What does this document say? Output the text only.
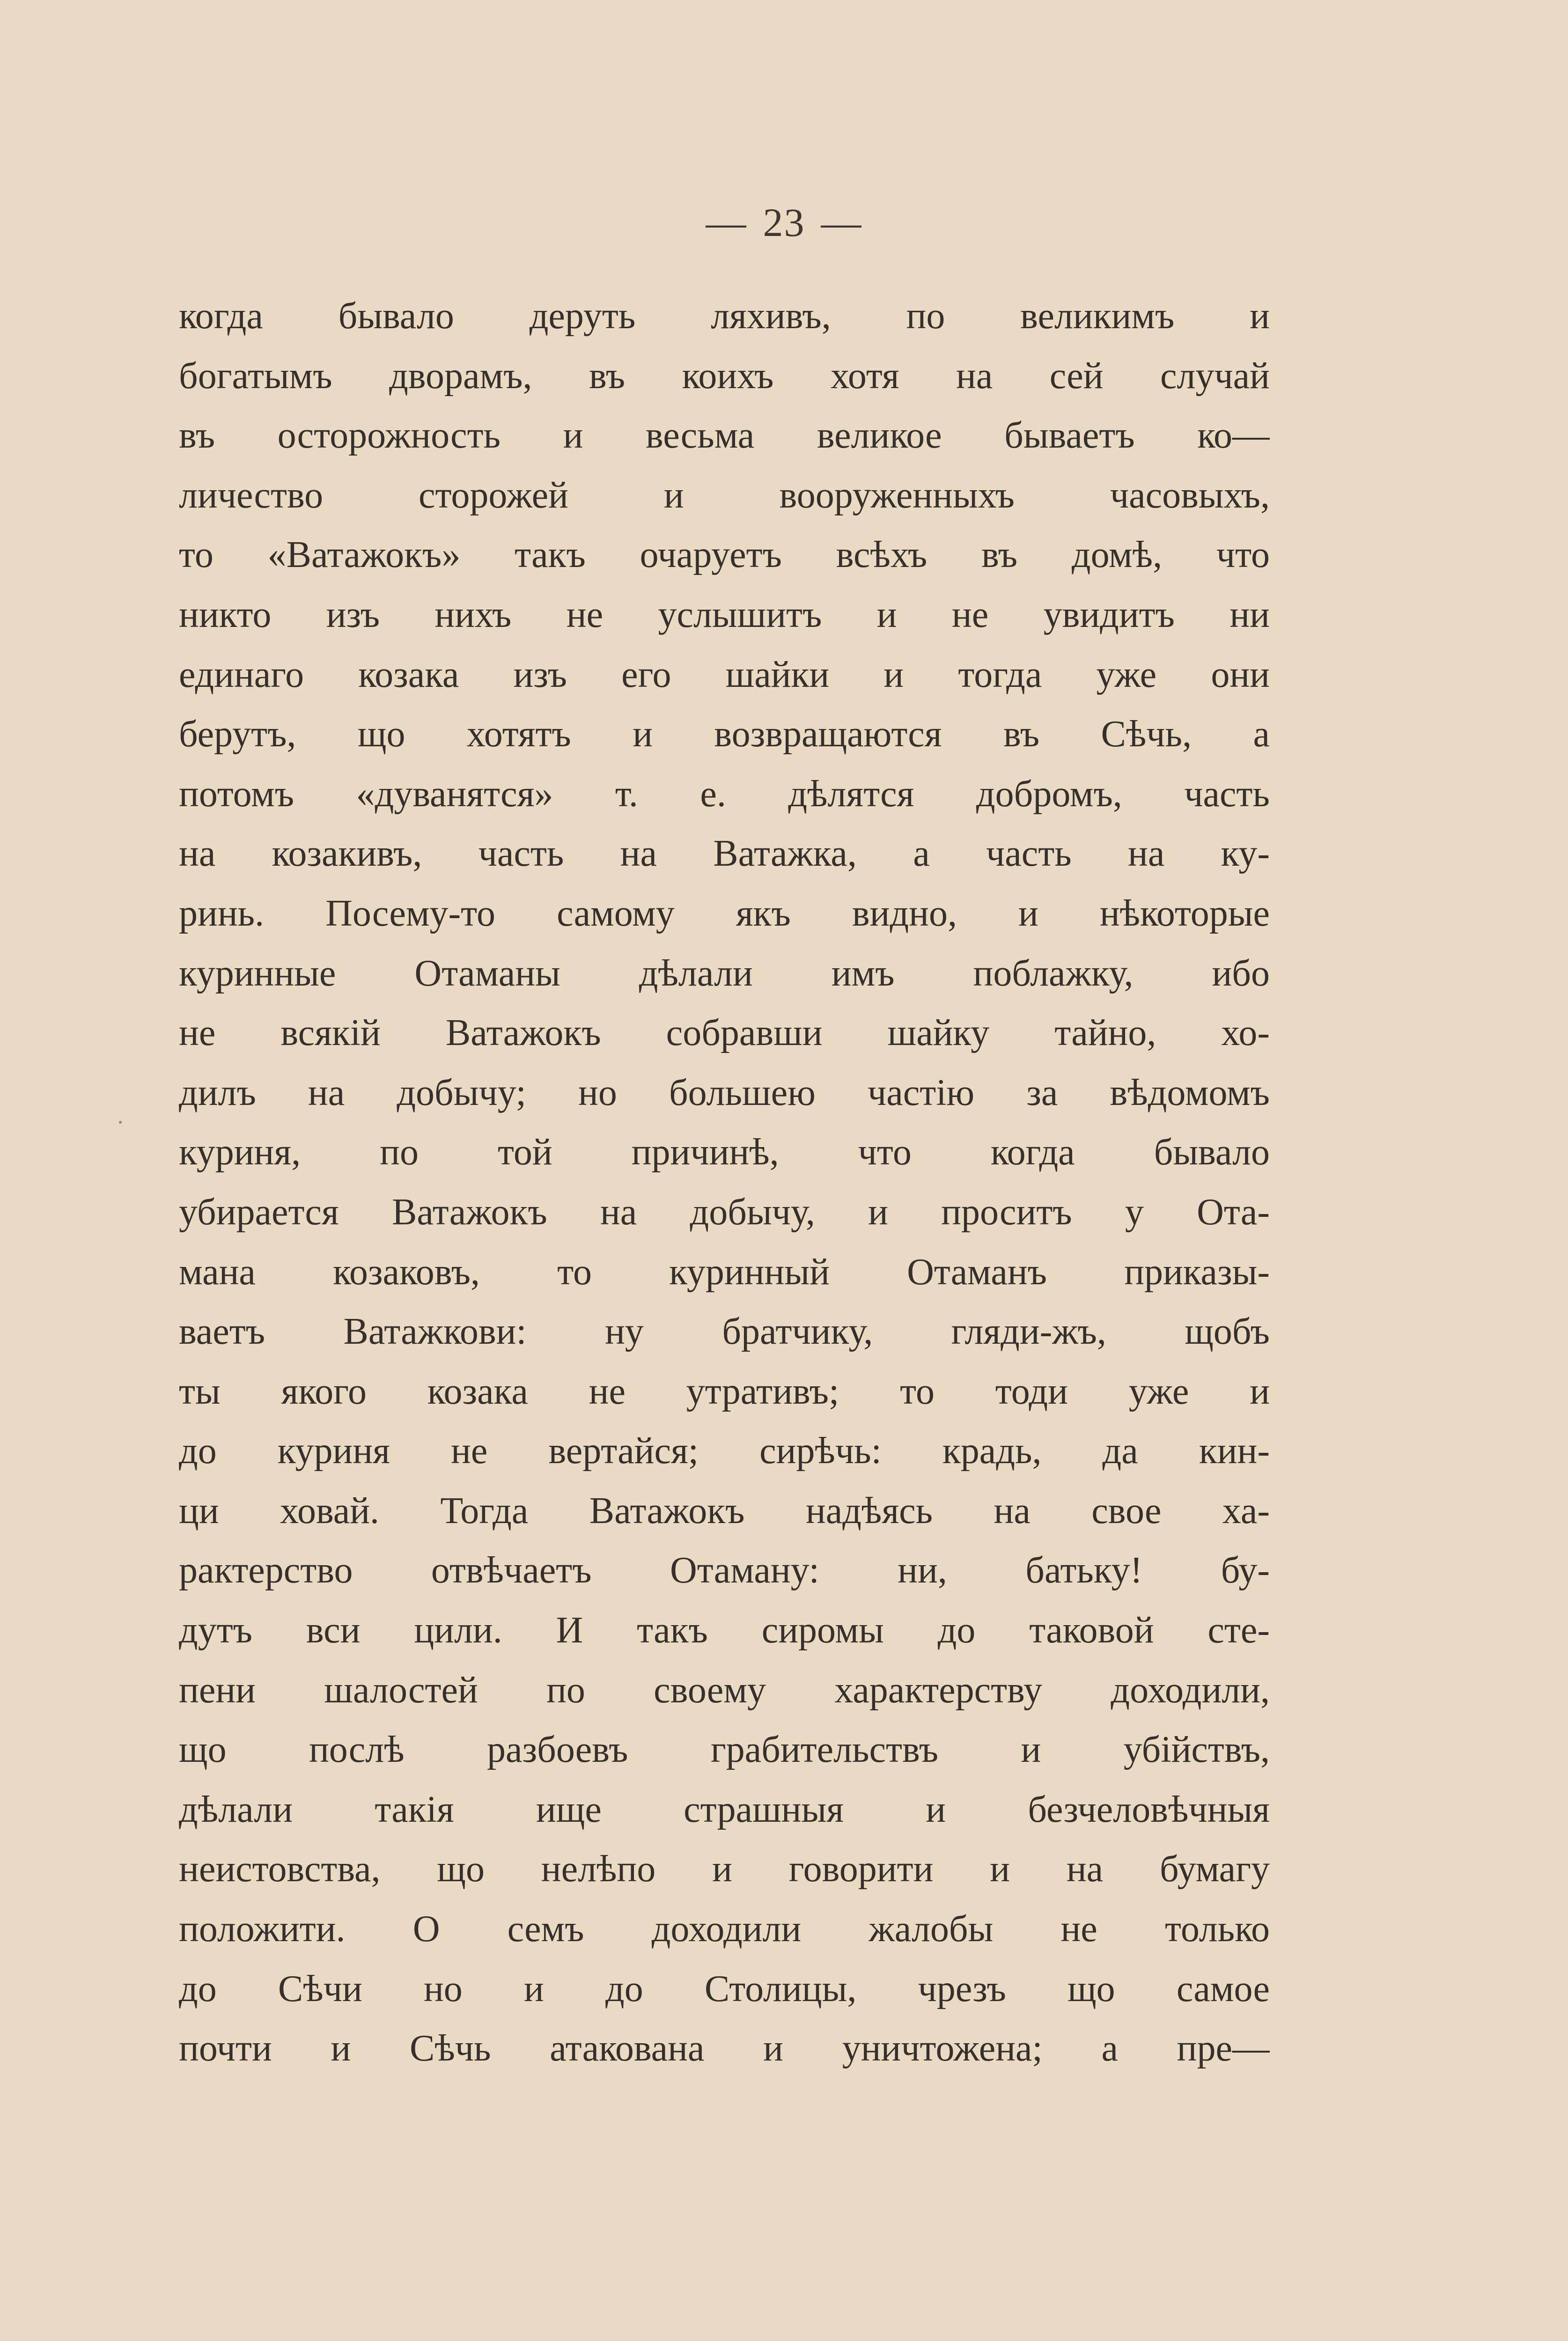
— 23 —
когда бывало деруть ляхивъ, по великимъ и
богатымъ дворамъ, въ коихъ хотя на сей случай
въ осторожность и весьма великое бываетъ ко—
личество сторожей и вооруженныхъ часовыхъ,
то «Ватажокъ» такъ очаруетъ всѣхъ въ домѣ, что
никто изъ нихъ не услышитъ и не увидитъ ни
единаго козака изъ его шайки и тогда уже они
берутъ, що хотятъ и возвращаются въ Сѣчь, а
потомъ «дуванятся» т. е. дѣлятся добромъ, часть
на козакивъ, часть на Ватажка, а часть на ку-
ринь. Посему-то самому якъ видно, и нѣкоторые
куринные Отаманы дѣлали имъ поблажку, ибо
не всякій Ватажокъ собравши шайку тайно, хо-
дилъ на добычу; но большею частію за вѣдомомъ
куриня, по той причинѣ, что когда бывало
убирается Ватажокъ на добычу, и проситъ у Ота-
мана козаковъ, то куринный Отаманъ приказы-
ваетъ Ватажкови: ну братчику, гляди-жъ, щобъ
ты якого козака не утративъ; то тоди уже и
до куриня не вертайся; сирѣчь: крадь, да кин-
ци ховай. Тогда Ватажокъ надѣясь на свое ха-
рактерство отвѣчаетъ Отаману: ни, батьку! бу-
дутъ вси цили. И такъ сиромы до таковой сте-
пени шалостей по своему характерству доходили,
що послѣ разбоевъ грабительствъ и убійствъ,
дѣлали такія ище страшныя и безчеловѣчныя
неистовства, що нелѣпо и говорити и на бумагу
положити. О семъ доходили жалобы не только
до Сѣчи но и до Столицы, чрезъ що самое
почти и Сѣчь атакована и уничтожена; а пре—
